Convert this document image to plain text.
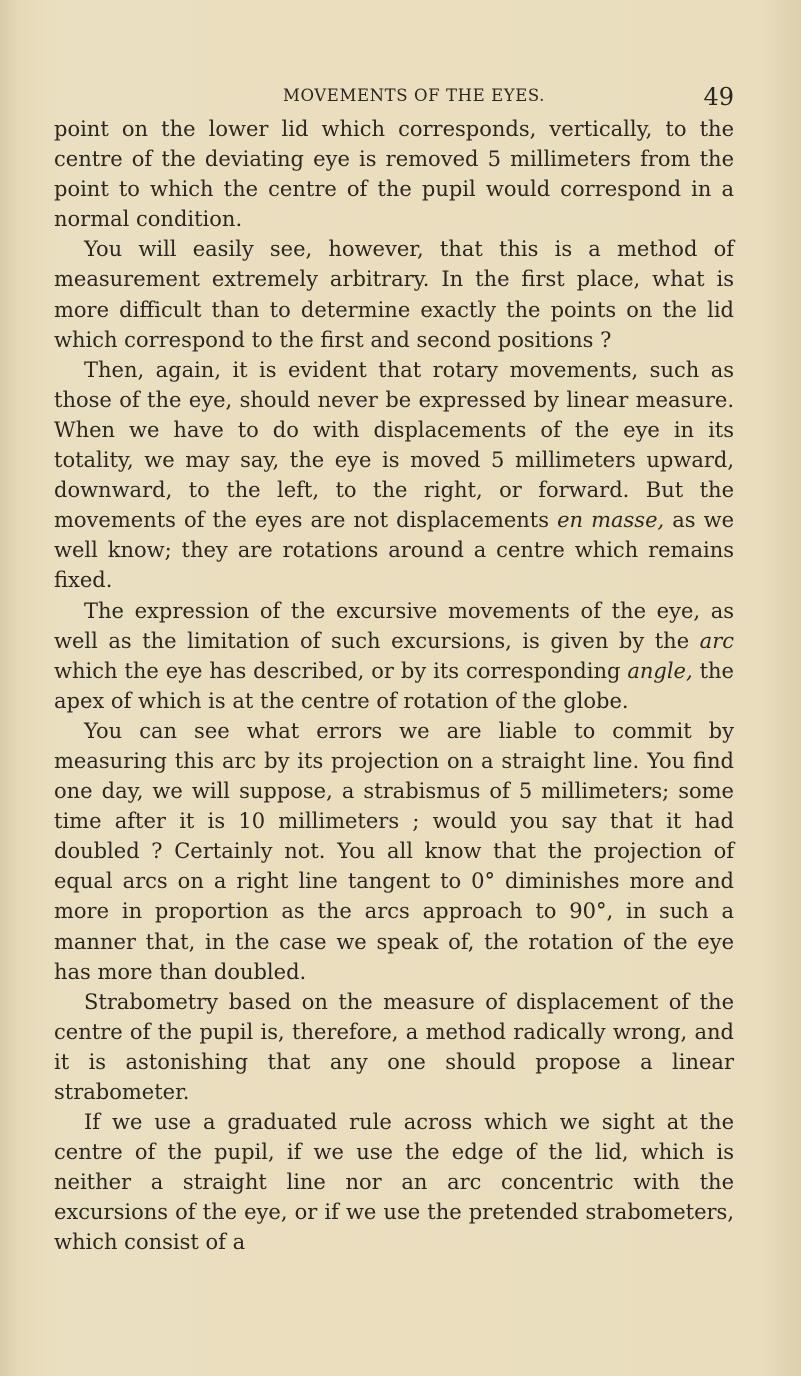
MOVEMENTS OF THE EYES.	49

point on the lower lid which corresponds, vertically, to the centre of the deviating eye is removed 5 millimeters from the point to which the centre of the pupil would correspond in a normal condition.

You will easily see, however, that this is a method of measurement extremely arbitrary. In the first place, what is more difficult than to determine exactly the points on the lid which correspond to the first and second positions ?

Then, again, it is evident that rotary movements, such as those of the eye, should never be expressed by linear measure. When we have to do with displacements of the eye in its totality, we may say, the eye is moved 5 millimeters upward, downward, to the left, to the right, or forward. But the movements of the eyes are not displacements en masse, as we well know; they are rotations around a centre which remains fixed.

The expression of the excursive movements of the eye, as well as the limitation of such excursions, is given by the arc which the eye has described, or by its corresponding angle, the apex of which is at the centre of rotation of the globe.

You can see what errors we are liable to commit by measuring this arc by its projection on a straight line. You find one day, we will suppose, a strabismus of 5 millimeters; some time after it is 10 millimeters ; would you say that it had doubled ? Certainly not. You all know that the projection of equal arcs on a right line tangent to 0° diminishes more and more in proportion as the arcs approach to 90°, in such a manner that, in the case we speak of, the rotation of the eye has more than doubled.

Strabometry based on the measure of displacement of the centre of the pupil is, therefore, a method radically wrong, and it is astonishing that any one should propose a linear strabometer.

If we use a graduated rule across which we sight at the centre of the pupil, if we use the edge of the lid, which is neither a straight line nor an arc concentric with the excursions of the eye, or if we use the pretended strabometers, which consist of a
